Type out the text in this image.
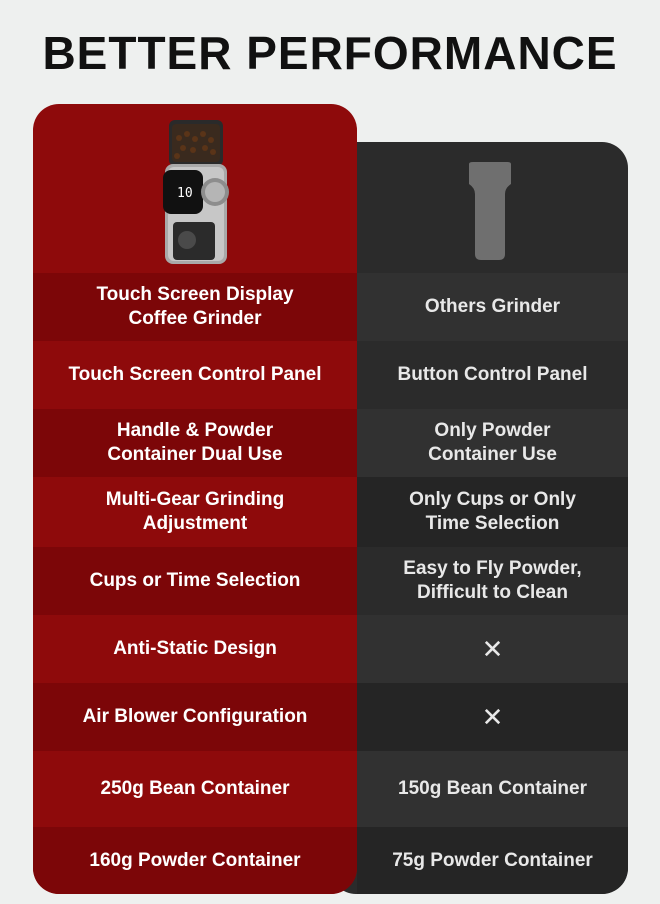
BETTER PERFORMANCE
Others Grinder
Button Control Panel
Only Powder
Container Use
Only Cups or Only
Time Selection
Easy to Fly Powder,
Difficult to Clean
✕
✕
150g Bean Container
75g Powder Container
10
Touch Screen Display
Coffee Grinder
Touch Screen Control Panel
Handle & Powder
Container Dual Use
Multi-Gear Grinding
Adjustment
Cups or Time Selection
Anti-Static Design
Air Blower Configuration
250g Bean Container
160g Powder Container
